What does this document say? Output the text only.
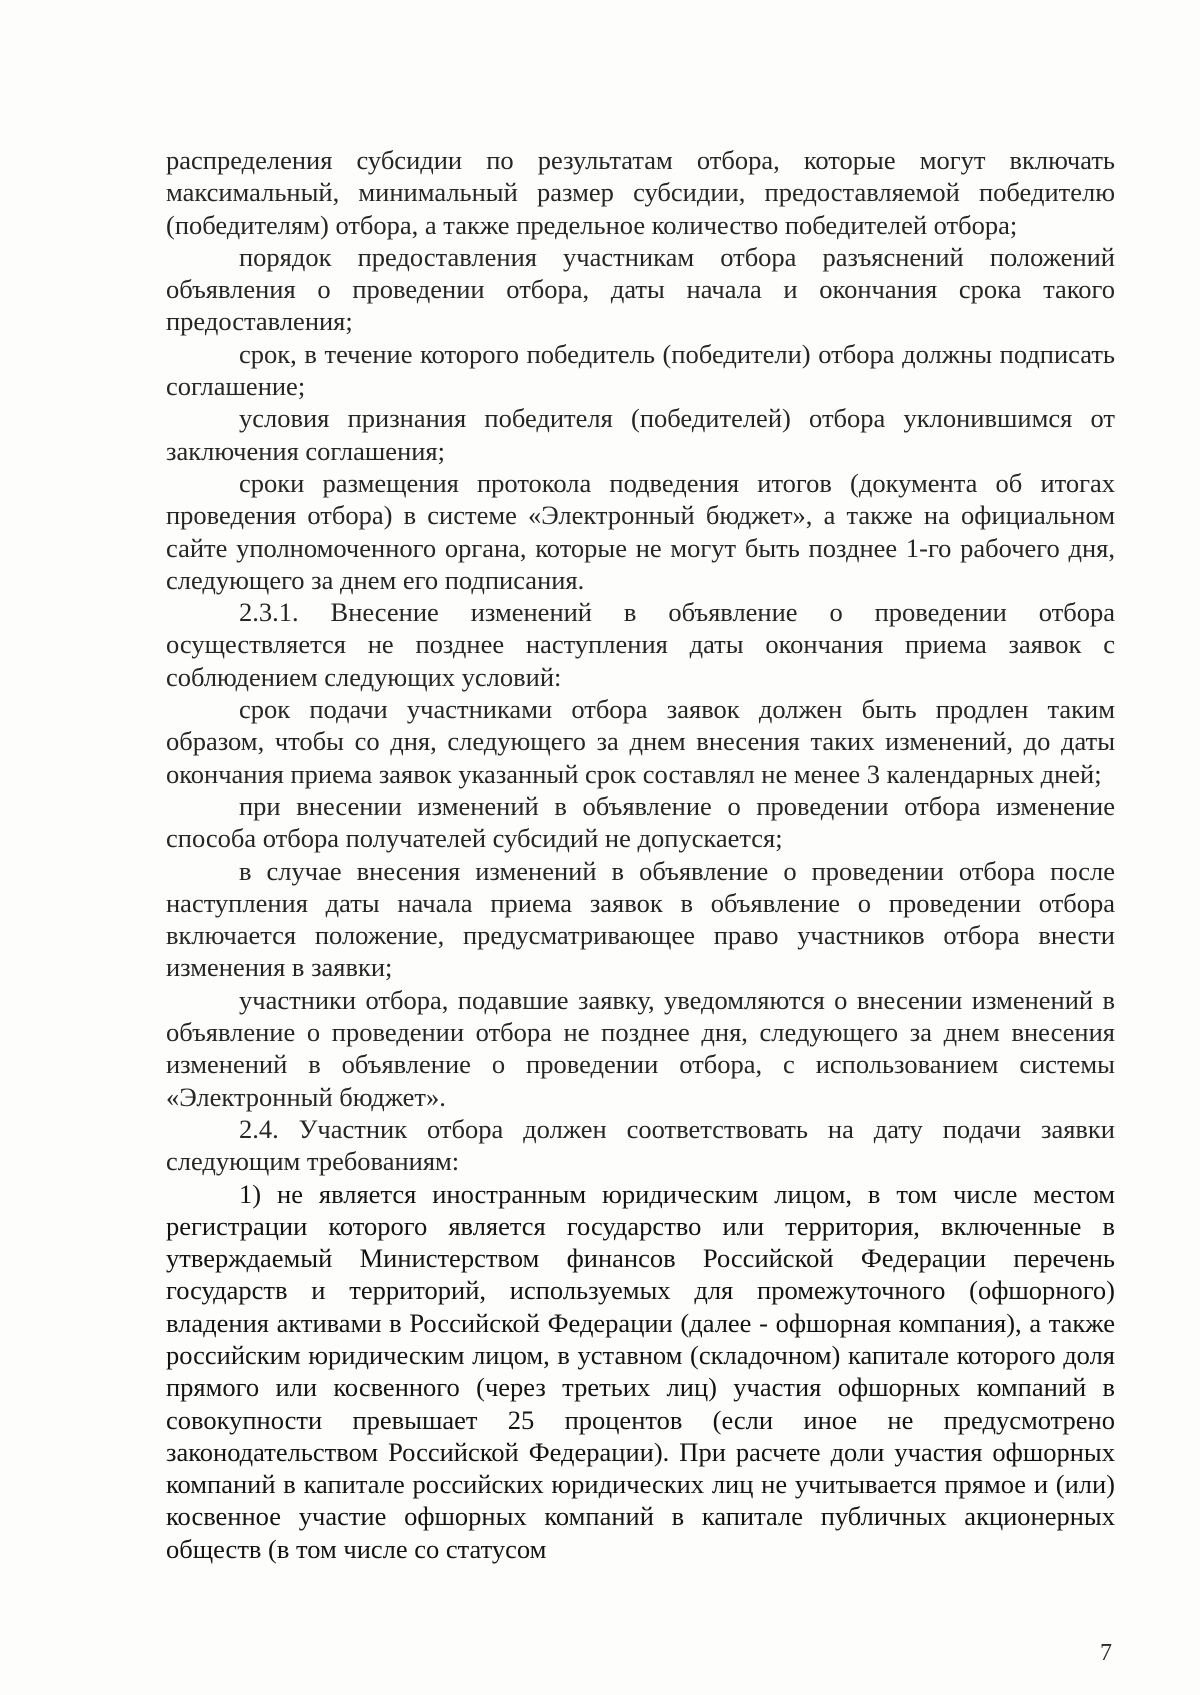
распределения субсидии по результатам отбора, которые могут включать максимальный, минимальный размер субсидии, предоставляемой победителю (победителям) отбора, а также предельное количество победителей отбора;

порядок предоставления участникам отбора разъяснений положений объявления о проведении отбора, даты начала и окончания срока такого предоставления;

срок, в течение которого победитель (победители) отбора должны подписать соглашение;

условия признания победителя (победителей) отбора уклонившимся от заключения соглашения;

сроки размещения протокола подведения итогов (документа об итогах проведения отбора) в системе «Электронный бюджет», а также на официальном сайте уполномоченного органа, которые не могут быть позднее 1-го рабочего дня, следующего за днем его подписания.

2.3.1. Внесение изменений в объявление о проведении отбора осуществляется не позднее наступления даты окончания приема заявок с соблюдением следующих условий:

срок подачи участниками отбора заявок должен быть продлен таким образом, чтобы со дня, следующего за днем внесения таких изменений, до даты окончания приема заявок указанный срок составлял не менее 3 календарных дней;

при внесении изменений в объявление о проведении отбора изменение способа отбора получателей субсидий не допускается;

в случае внесения изменений в объявление о проведении отбора после наступления даты начала приема заявок в объявление о проведении отбора включается положение, предусматривающее право участников отбора внести изменения в заявки;

участники отбора, подавшие заявку, уведомляются о внесении изменений в объявление о проведении отбора не позднее дня, следующего за днем внесения изменений в объявление о проведении отбора, с использованием системы «Электронный бюджет».

2.4. Участник отбора должен соответствовать на дату подачи заявки следующим требованиям:

1) не является иностранным юридическим лицом, в том числе местом регистрации которого является государство или территория, включенные в утверждаемый Министерством финансов Российской Федерации перечень государств и территорий, используемых для промежуточного (офшорного) владения активами в Российской Федерации (далее - офшорная компания), а также российским юридическим лицом, в уставном (складочном) капитале которого доля прямого или косвенного (через третьих лиц) участия офшорных компаний в совокупности превышает 25 процентов (если иное не предусмотрено законодательством Российской Федерации). При расчете доли участия офшорных компаний в капитале российских юридических лиц не учитывается прямое и (или) косвенное участие офшорных компаний в капитале публичных акционерных обществ (в том числе со статусом

7
